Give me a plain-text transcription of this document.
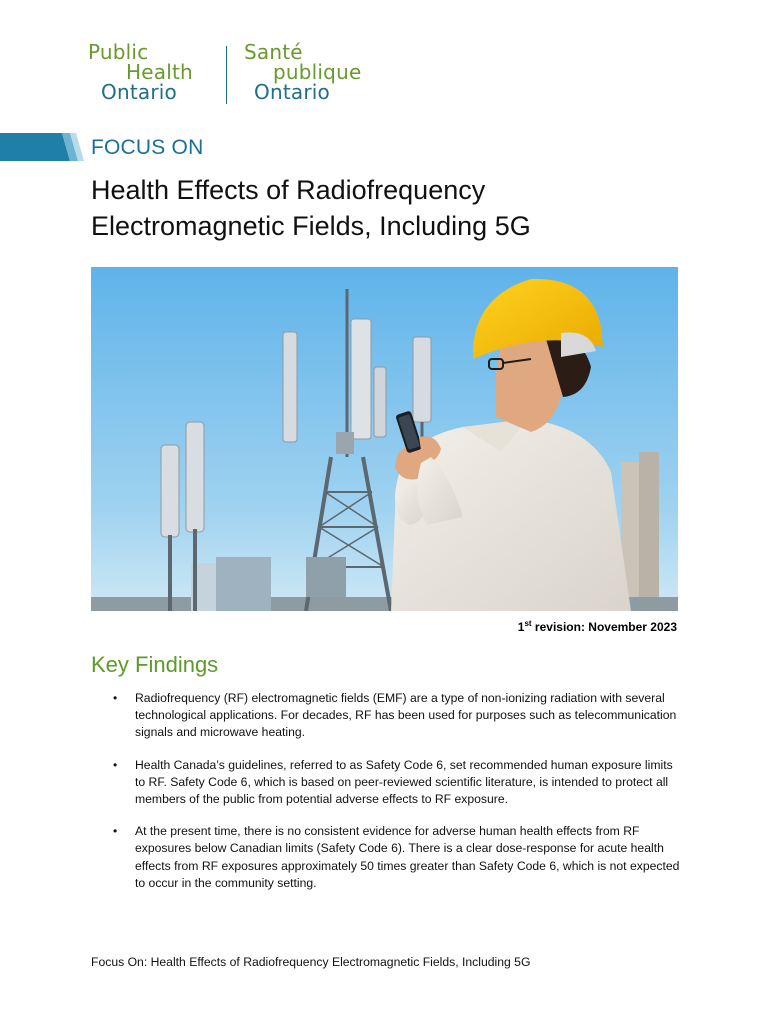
Public
Health
Ontario
Santé
publique
Ontario
FOCUS ON
Health Effects of Radiofrequency
Electromagnetic Fields, Including 5G
1st revision: November 2023
Key Findings
• Radiofrequency (RF) electromagnetic fields (EMF) are a type of non-ionizing radiation with several technological applications. For decades, RF has been used for purposes such as telecommunication signals and microwave heating.
• Health Canada’s guidelines, referred to as Safety Code 6, set recommended human exposure limits to RF. Safety Code 6, which is based on peer-reviewed scientific literature, is intended to protect all members of the public from potential adverse effects to RF exposure.
• At the present time, there is no consistent evidence for adverse human health effects from RF exposures below Canadian limits (Safety Code 6). There is a clear dose-response for acute health effects from RF exposures approximately 50 times greater than Safety Code 6, which is not expected to occur in the community setting.
Focus On: Health Effects of Radiofrequency Electromagnetic Fields, Including 5G
